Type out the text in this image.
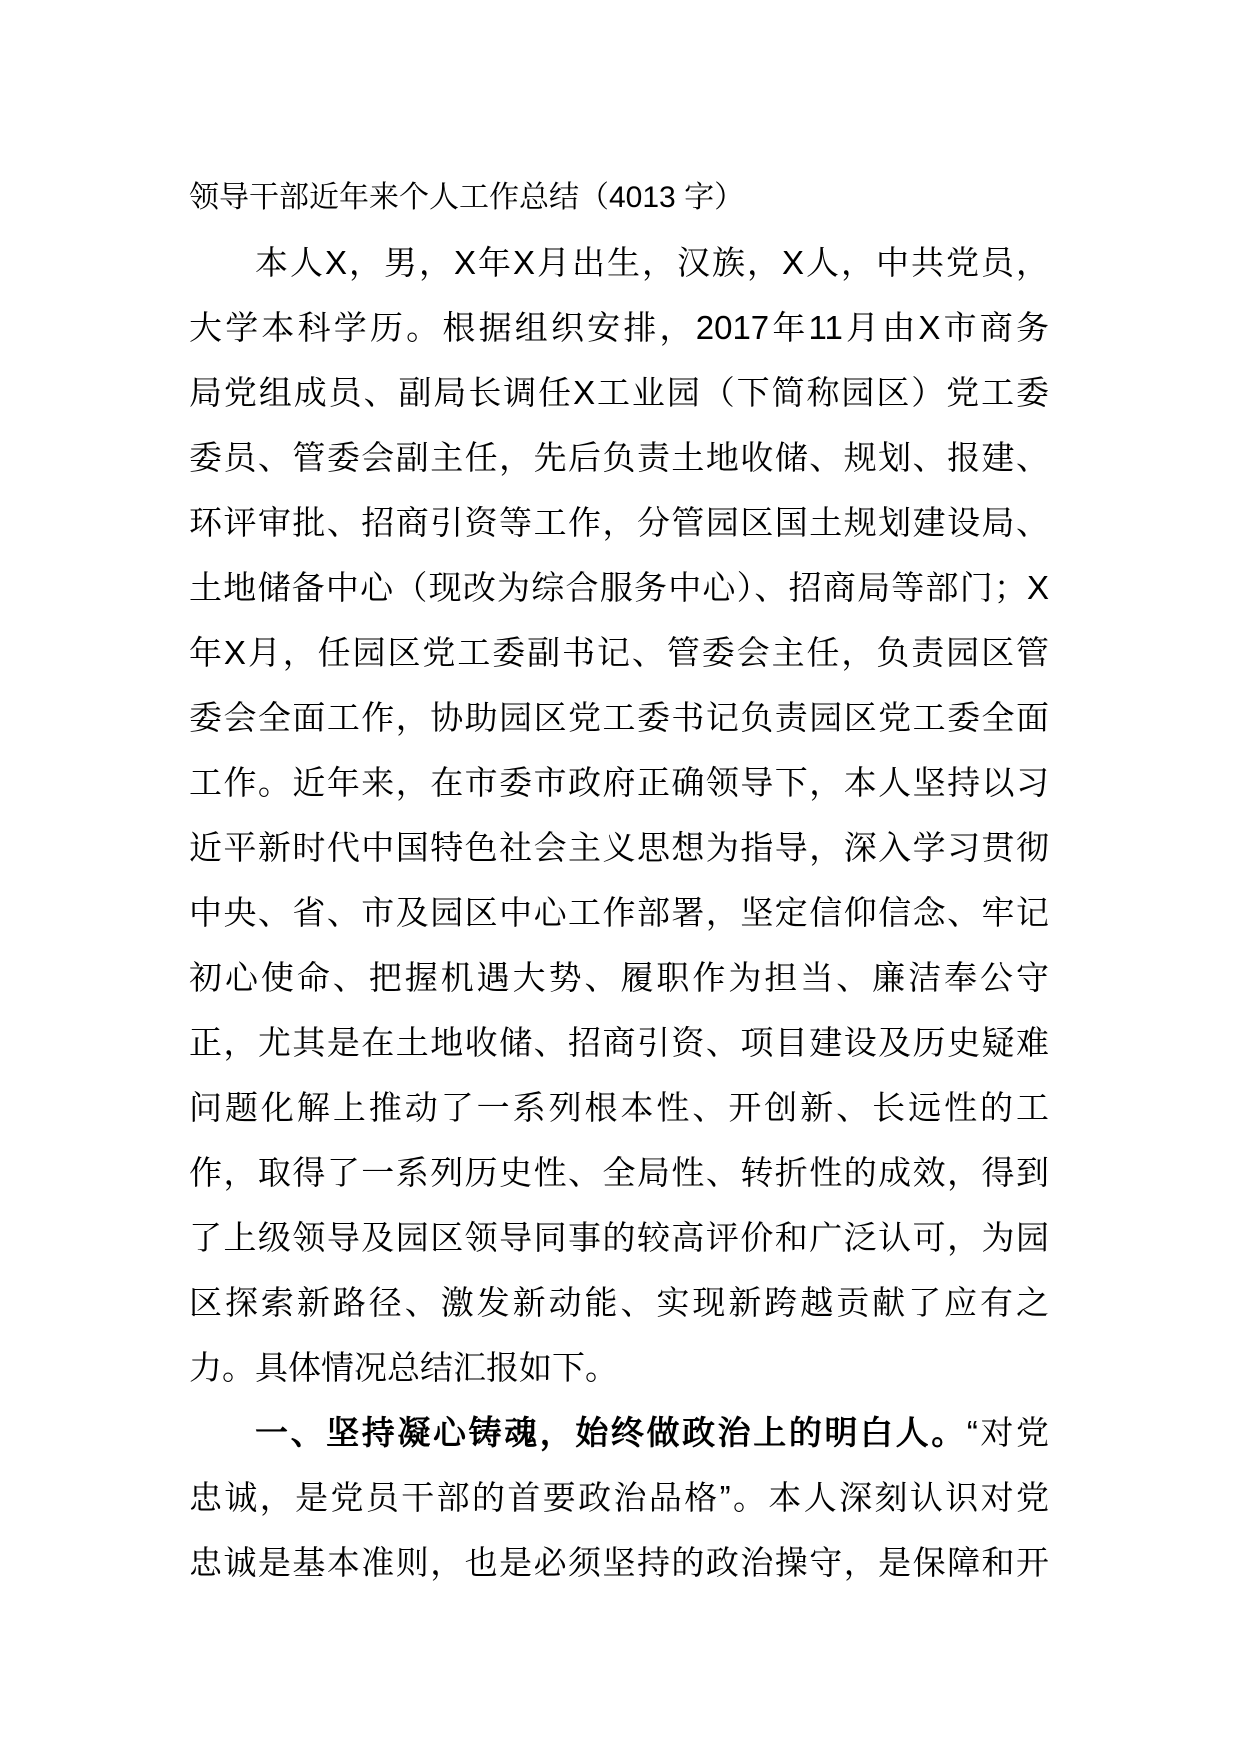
领导干部近年来个人工作总结（4013 字）
本人X，男，X年X月出生，汉族，X人，中共党员，
大学本科学历。根据组织安排，2017年11月由X市商务
局党组成员、副局长调任X工业园（下简称园区）党工委
委员、管委会副主任，先后负责土地收储、规划、报建、
环评审批、招商引资等工作，分管园区国土规划建设局、
土地储备中心（现改为综合服务中心）、招商局等部门；X
年X月，任园区党工委副书记、管委会主任，负责园区管
委会全面工作，协助园区党工委书记负责园区党工委全面
工作。近年来，在市委市政府正确领导下，本人坚持以习
近平新时代中国特色社会主义思想为指导，深入学习贯彻
中央、省、市及园区中心工作部署，坚定信仰信念、牢记
初心使命、把握机遇大势、履职作为担当、廉洁奉公守
正，尤其是在土地收储、招商引资、项目建设及历史疑难
问题化解上推动了一系列根本性、开创新、长远性的工
作，取得了一系列历史性、全局性、转折性的成效，得到
了上级领导及园区领导同事的较高评价和广泛认可，为园
区探索新路径、激发新动能、实现新跨越贡献了应有之
力。具体情况总结汇报如下。
一、坚持凝心铸魂，始终做政治上的明白人。“对党
忠诚，是党员干部的首要政治品格”。本人深刻认识对党
忠诚是基本准则，也是必须坚持的政治操守，是保障和开
